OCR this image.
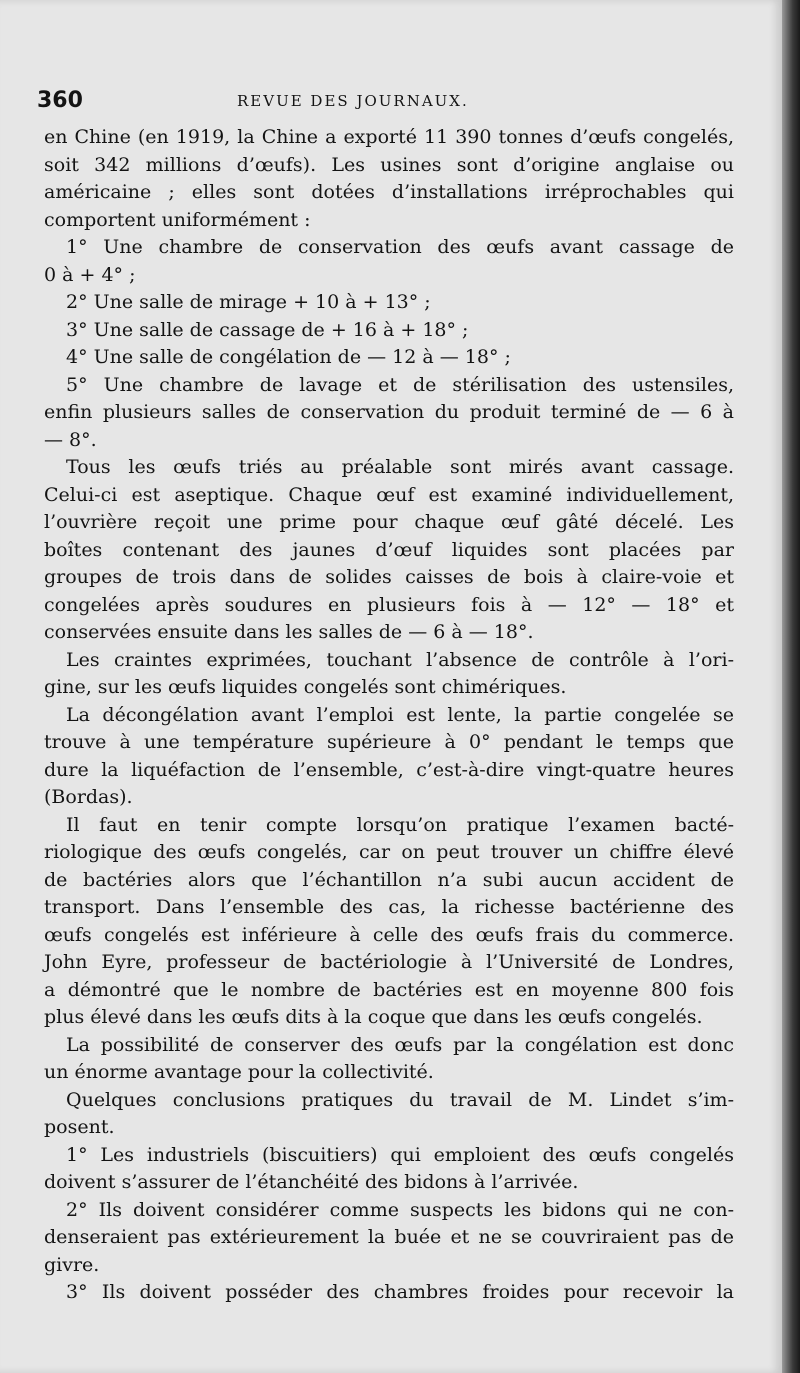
360	REVUE DES JOURNAUX.
en Chine (en 1919, la Chine a exporté 11 390 tonnes d’œufs congelés,
soit 342 millions d’œufs). Les usines sont d’origine anglaise ou
américaine ; elles sont dotées d’installations irréprochables qui
comportent uniformément :
1° Une chambre de conservation des œufs avant cassage de
0 à + 4° ;
2° Une salle de mirage + 10 à + 13° ;
3° Une salle de cassage de + 16 à + 18° ;
4° Une salle de congélation de — 12 à — 18° ;
5° Une chambre de lavage et de stérilisation des ustensiles,
enfin plusieurs salles de conservation du produit terminé de — 6 à
— 8°.
Tous les œufs triés au préalable sont mirés avant cassage.
Celui-ci est aseptique. Chaque œuf est examiné individuellement,
l’ouvrière reçoit une prime pour chaque œuf gâté décelé. Les
boîtes contenant des jaunes d’œuf liquides sont placées par
groupes de trois dans de solides caisses de bois à claire-voie et
congelées après soudures en plusieurs fois à — 12° — 18° et
conservées ensuite dans les salles de — 6 à — 18°.
Les craintes exprimées, touchant l’absence de contrôle à l’ori-
gine, sur les œufs liquides congelés sont chimériques.
La décongélation avant l’emploi est lente, la partie congelée se
trouve à une température supérieure à 0° pendant le temps que
dure la liquéfaction de l’ensemble, c’est-à-dire vingt-quatre heures
(Bordas).
Il faut en tenir compte lorsqu’on pratique l’examen bacté-
riologique des œufs congelés, car on peut trouver un chiffre élevé
de bactéries alors que l’échantillon n’a subi aucun accident de
transport. Dans l’ensemble des cas, la richesse bactérienne des
œufs congelés est inférieure à celle des œufs frais du commerce.
John Eyre, professeur de bactériologie à l’Université de Londres,
a démontré que le nombre de bactéries est en moyenne 800 fois
plus élevé dans les œufs dits à la coque que dans les œufs congelés.
La possibilité de conserver des œufs par la congélation est donc
un énorme avantage pour la collectivité.
Quelques conclusions pratiques du travail de M. Lindet s’im-
posent.
1° Les industriels (biscuitiers) qui emploient des œufs congelés
doivent s’assurer de l’étanchéité des bidons à l’arrivée.
2° Ils doivent considérer comme suspects les bidons qui ne con-
denseraient pas extérieurement la buée et ne se couvriraient pas de
givre.
3° Ils doivent posséder des chambres froides pour recevoir la
